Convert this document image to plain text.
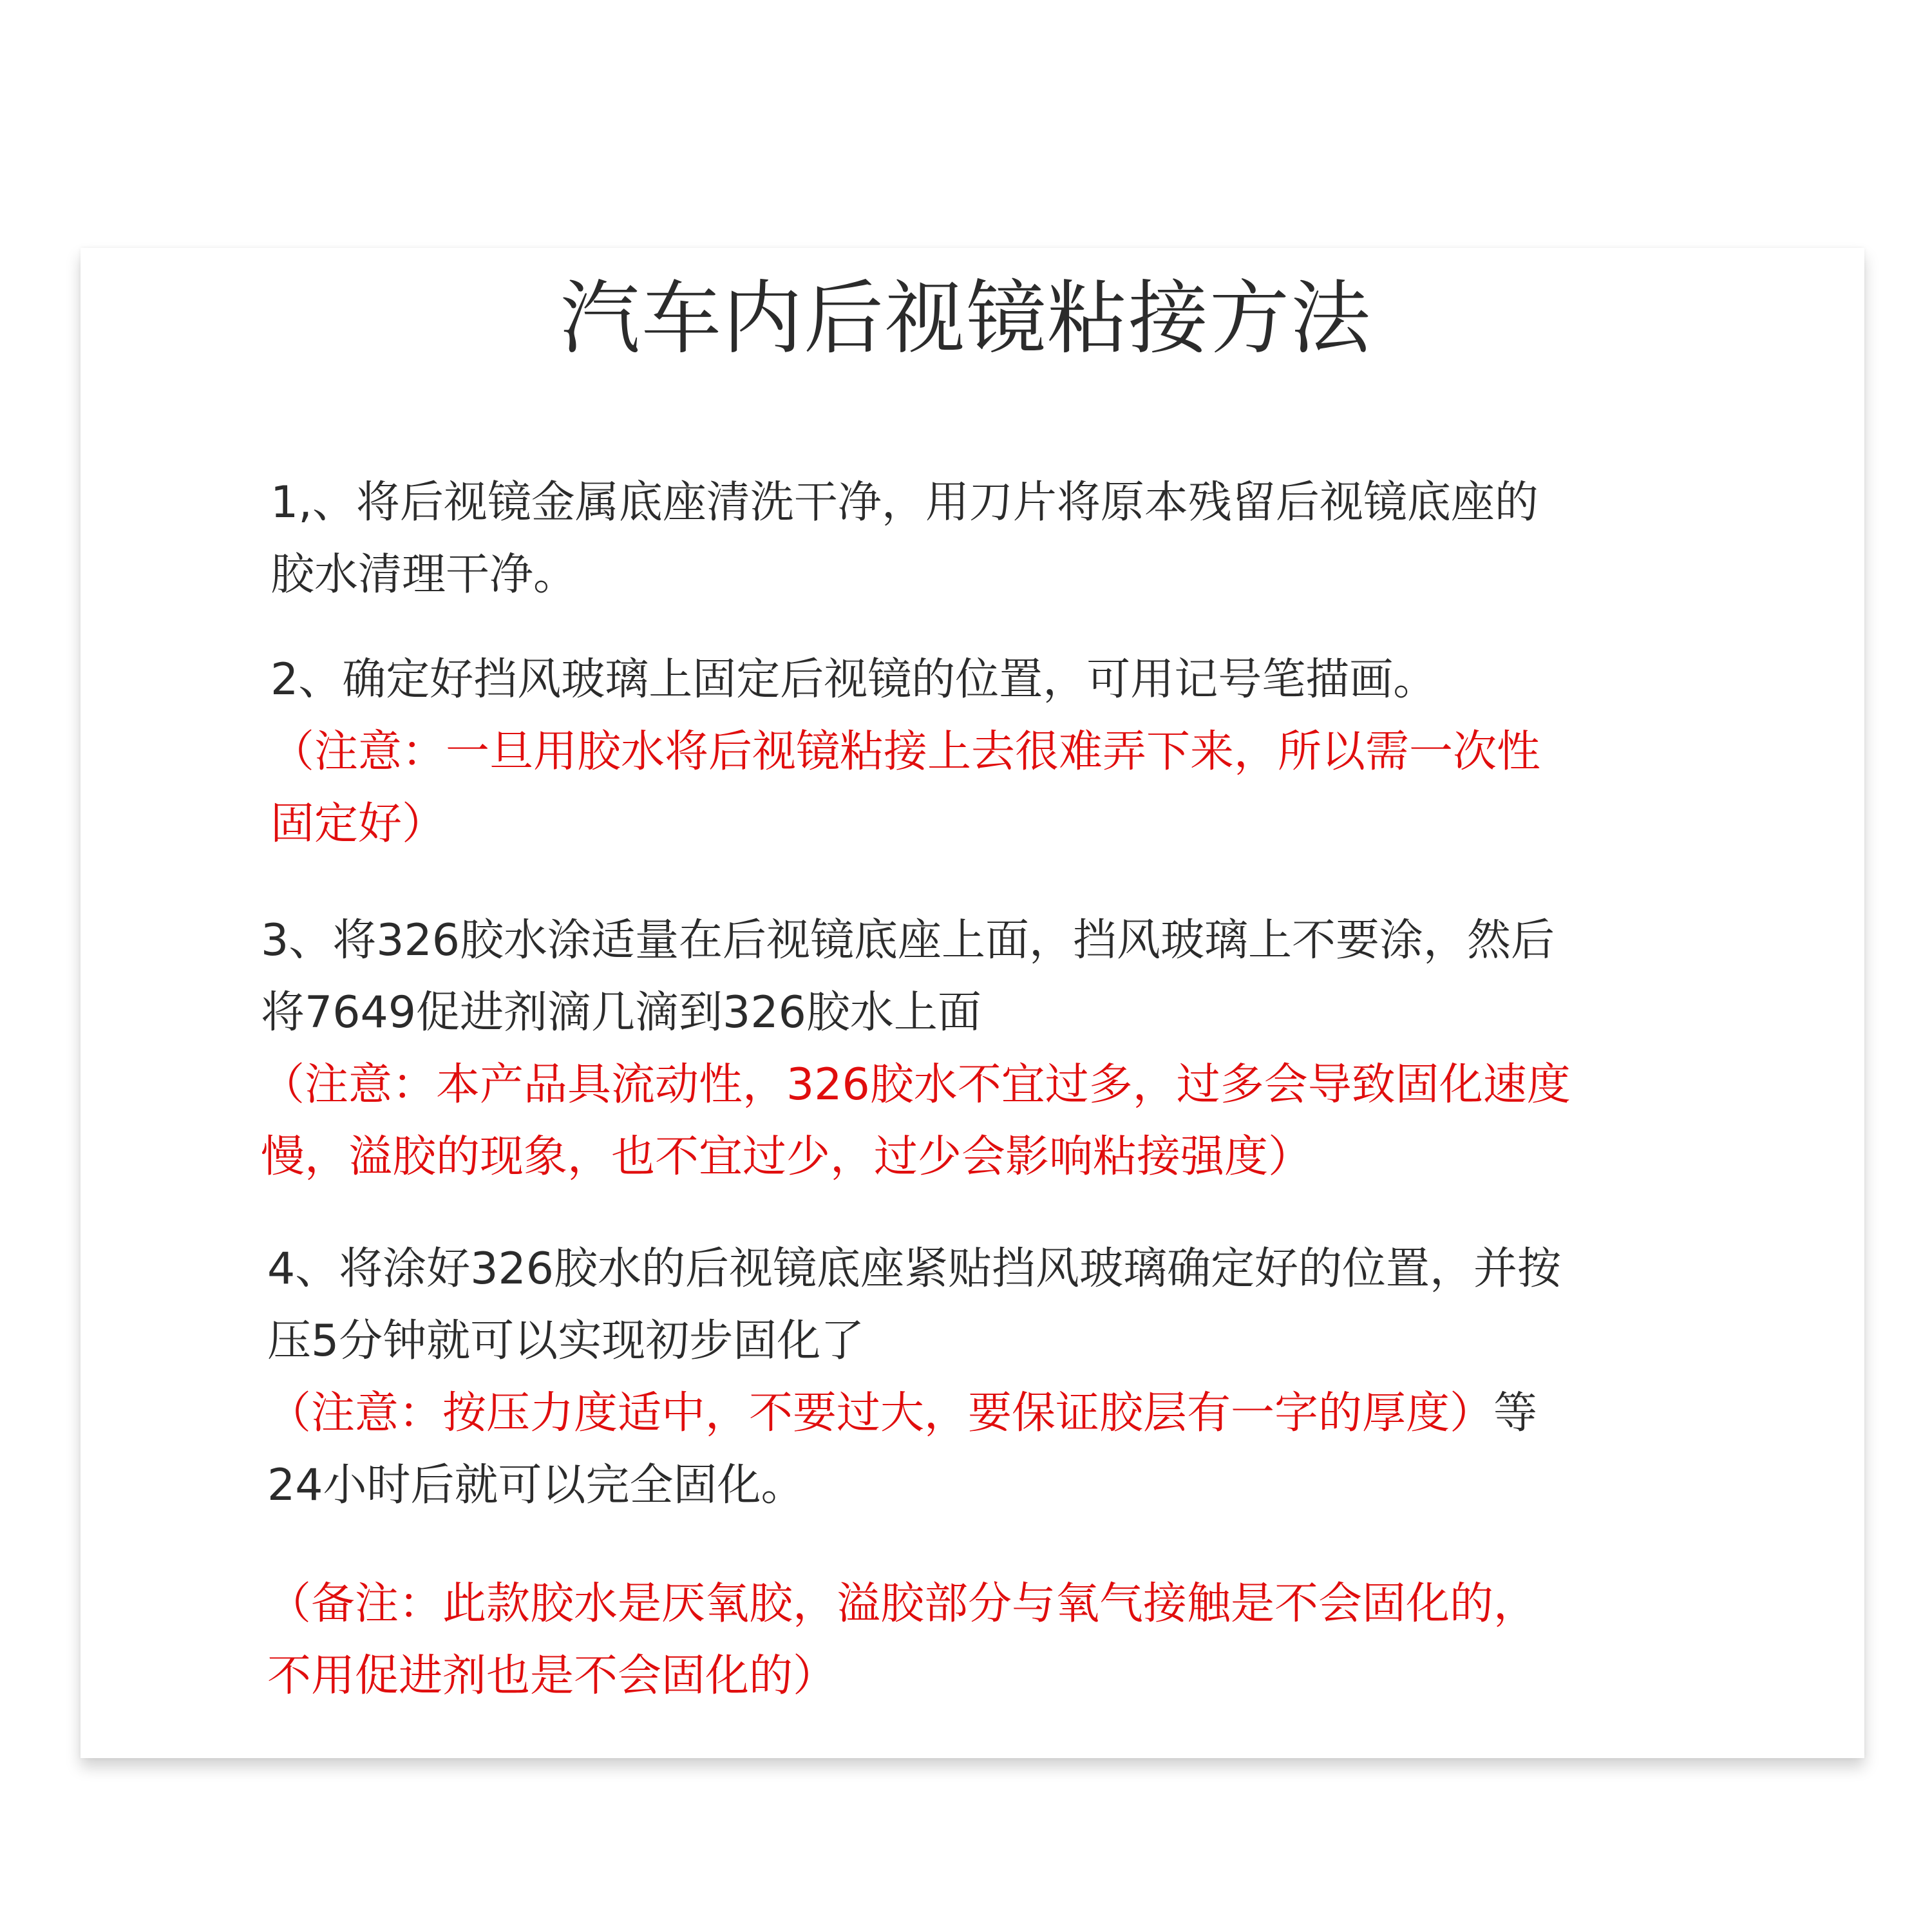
汽车内后视镜粘接方法
1,、将后视镜金属底座清洗干净，用刀片将原本残留后视镜底座的
胶水清理干净。
2、确定好挡风玻璃上固定后视镜的位置，可用记号笔描画。
（注意：一旦用胶水将后视镜粘接上去很难弄下来，所以需一次性
固定好）
3、将326胶水涂适量在后视镜底座上面，挡风玻璃上不要涂，然后
将7649促进剂滴几滴到326胶水上面
（注意：本产品具流动性，326胶水不宜过多，过多会导致固化速度
慢，溢胶的现象，也不宜过少，过少会影响粘接强度）
4、将涂好326胶水的后视镜底座紧贴挡风玻璃确定好的位置，并按
压5分钟就可以实现初步固化了
（注意：按压力度适中，不要过大，要保证胶层有一字的厚度）等
24小时后就可以完全固化。
（备注：此款胶水是厌氧胶，溢胶部分与氧气接触是不会固化的，
不用促进剂也是不会固化的）
